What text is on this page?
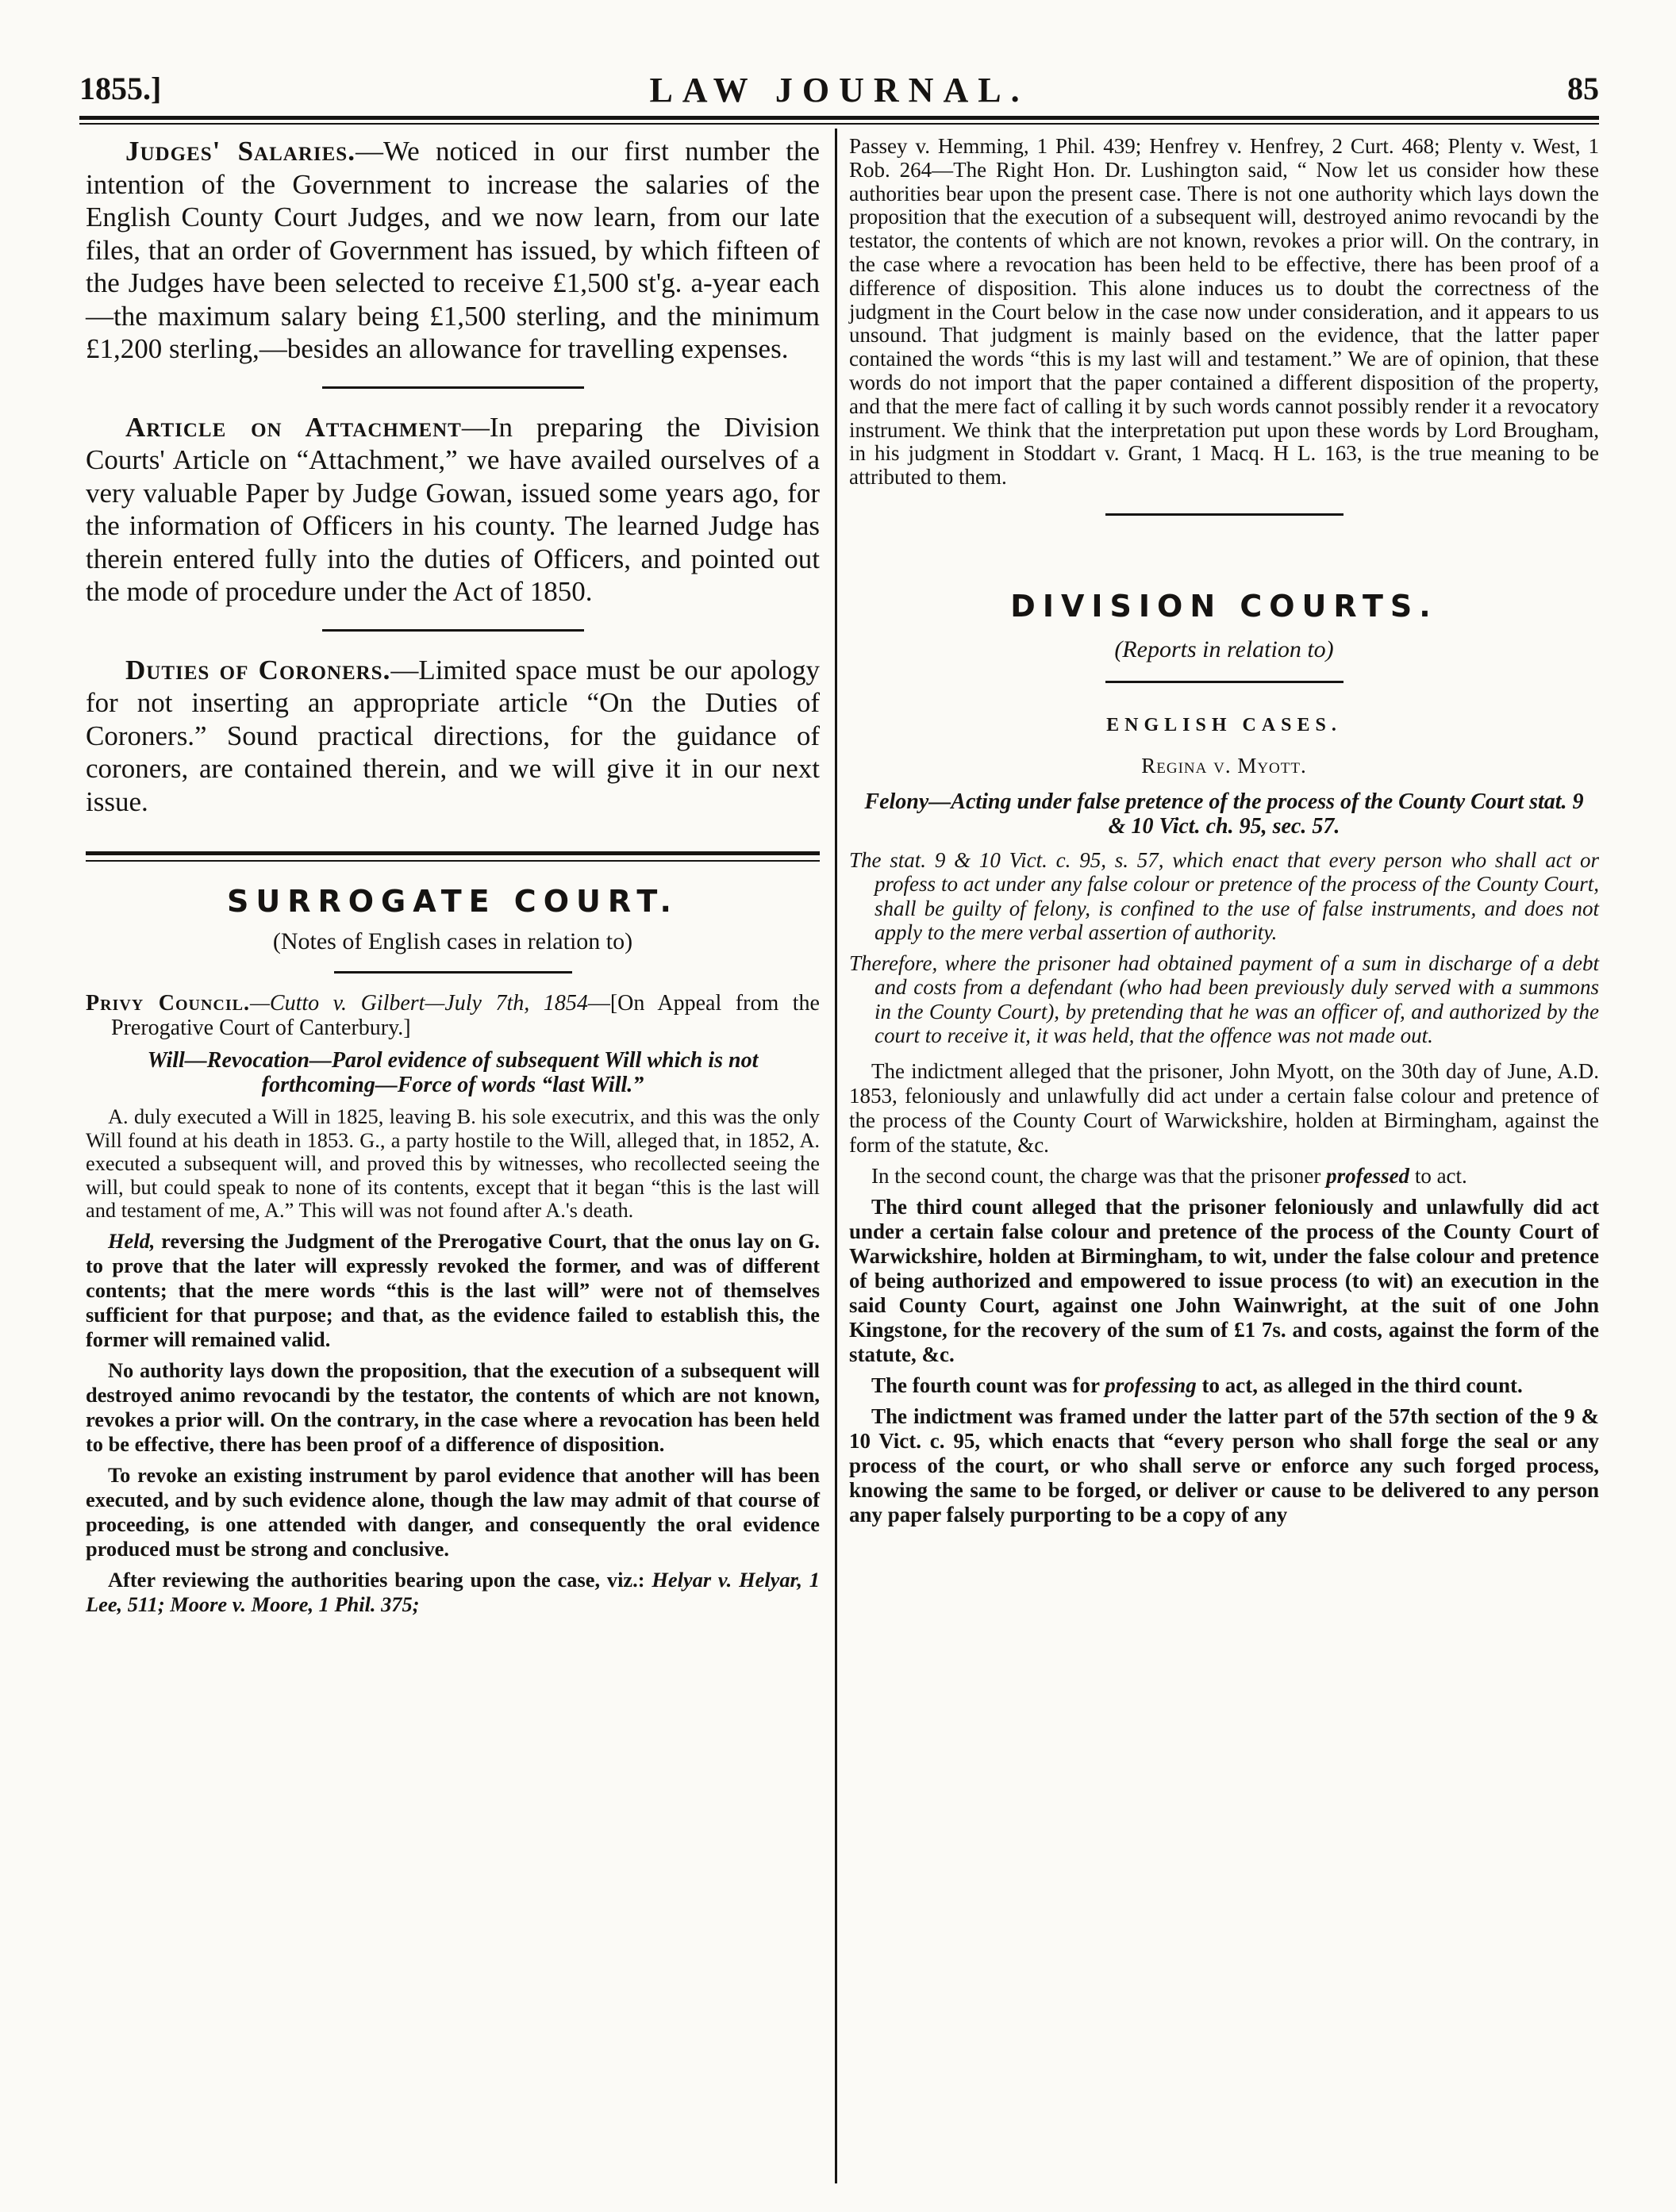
1855.]	LAW JOURNAL.	85

Judges' Salaries.—We noticed in our first number the intention of the Government to increase the salaries of the English County Court Judges, and we now learn, from our late files, that an order of Government has issued, by which fifteen of the Judges have been selected to receive £1,500 st'g. a-year each—the maximum salary being £1,500 sterling, and the minimum £1,200 sterling,—besides an allowance for travelling expenses.

Article on Attachment—In preparing the Division Courts' Article on “Attachment,” we have availed ourselves of a very valuable Paper by Judge Gowan, issued some years ago, for the information of Officers in his county. The learned Judge has therein entered fully into the duties of Officers, and pointed out the mode of procedure under the Act of 1850.

Duties of Coroners.—Limited space must be our apology for not inserting an appropriate article “On the Duties of Coroners.” Sound practical directions, for the guidance of coroners, are contained therein, and we will give it in our next issue.

SURROGATE COURT.
(Notes of English cases in relation to)

Privy Council.—Cutto v. Gilbert—July 7th, 1854—[On Appeal from the Prerogative Court of Canterbury.]

Will—Revocation—Parol evidence of subsequent Will which is not forthcoming—Force of words “last Will.”

A. duly executed a Will in 1825, leaving B. his sole executrix, and this was the only Will found at his death in 1853. G., a party hostile to the Will, alleged that, in 1852, A. executed a subsequent will, and proved this by witnesses, who recollected seeing the will, but could speak to none of its contents, except that it began “this is the last will and testament of me, A.” This will was not found after A.'s death.

Held, reversing the Judgment of the Prerogative Court, that the onus lay on G. to prove that the later will expressly revoked the former, and was of different contents; that the mere words “this is the last will” were not of themselves sufficient for that purpose; and that, as the evidence failed to establish this, the former will remained valid.

No authority lays down the proposition, that the execution of a subsequent will destroyed animo revocandi by the testator, the contents of which are not known, revokes a prior will. On the contrary, in the case where a revocation has been held to be effective, there has been proof of a difference of disposition.

To revoke an existing instrument by parol evidence that another will has been executed, and by such evidence alone, though the law may admit of that course of proceeding, is one attended with danger, and consequently the oral evidence produced must be strong and conclusive.

After reviewing the authorities bearing upon the case, viz.: Helyar v. Helyar, 1 Lee, 511; Moore v. Moore, 1 Phil. 375;

Passey v. Hemming, 1 Phil. 439; Henfrey v. Henfrey, 2 Curt. 468; Plenty v. West, 1 Rob. 264—The Right Hon. Dr. Lushington said, “ Now let us consider how these authorities bear upon the present case. There is not one authority which lays down the proposition that the execution of a subsequent will, destroyed animo revocandi by the testator, the contents of which are not known, revokes a prior will. On the contrary, in the case where a revocation has been held to be effective, there has been proof of a difference of disposition. This alone induces us to doubt the correctness of the judgment in the Court below in the case now under consideration, and it appears to us unsound. That judgment is mainly based on the evidence, that the latter paper contained the words “this is my last will and testament.” We are of opinion, that these words do not import that the paper contained a different disposition of the property, and that the mere fact of calling it by such words cannot possibly render it a revocatory instrument. We think that the interpretation put upon these words by Lord Brougham, in his judgment in Stoddart v. Grant, 1 Macq. H L. 163, is the true meaning to be attributed to them.

DIVISION COURTS.
(Reports in relation to)
ENGLISH CASES.
Regina v. Myott.

Felony—Acting under false pretence of the process of the County Court stat. 9 & 10 Vict. ch. 95, sec. 57.

The stat. 9 & 10 Vict. c. 95, s. 57, which enact that every person who shall act or profess to act under any false colour or pretence of the process of the County Court, shall be guilty of felony, is confined to the use of false instruments, and does not apply to the mere verbal assertion of authority.

Therefore, where the prisoner had obtained payment of a sum in discharge of a debt and costs from a defendant (who had been previously duly served with a summons in the County Court), by pretending that he was an officer of, and authorized by the court to receive it, it was held, that the offence was not made out.

The indictment alleged that the prisoner, John Myott, on the 30th day of June, A.D. 1853, feloniously and unlawfully did act under a certain false colour and pretence of the process of the County Court of Warwickshire, holden at Birmingham, against the form of the statute, &c.

In the second count, the charge was that the prisoner professed to act.

The third count alleged that the prisoner feloniously and unlawfully did act under a certain false colour and pretence of the process of the County Court of Warwickshire, holden at Birmingham, to wit, under the false colour and pretence of being authorized and empowered to issue process (to wit) an execution in the said County Court, against one John Wainwright, at the suit of one John Kingstone, for the recovery of the sum of £1 7s. and costs, against the form of the statute, &c.

The fourth count was for professing to act, as alleged in the third count.

The indictment was framed under the latter part of the 57th section of the 9 & 10 Vict. c. 95, which enacts that “every person who shall forge the seal or any process of the court, or who shall serve or enforce any such forged process, knowing the same to be forged, or deliver or cause to be delivered to any person any paper falsely purporting to be a copy of any
